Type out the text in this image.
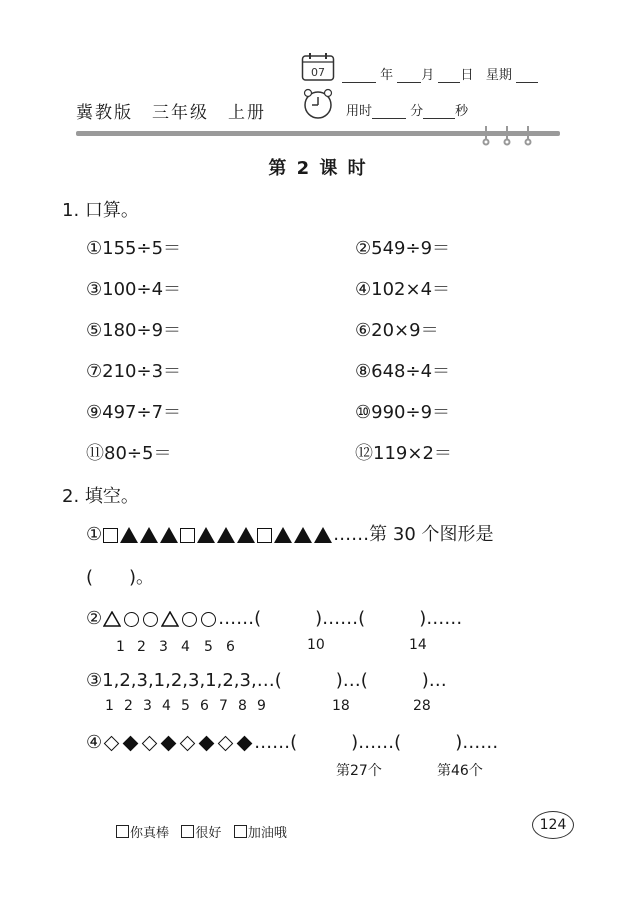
冀教版　三年级　上册
07	年 月 日 星期
用时	分 秒
第 2 课 时
1. 口算。
①155÷5＝	②549÷9＝
③100÷4＝	④102×4＝
⑤180÷9＝	⑥20×9＝
⑦210÷3＝	⑧648÷4＝
⑨497÷7＝	⑩990÷9＝
⑪80÷5＝	⑫119×2＝
2. 填空。
①	……第 30 个图形是
(　　)。
②	……(　　　)……(　　　)……
1 2 3 4 5 6	10	14
③1,2,3,1,2,3,1,2,3,…(　　　)…(　　　)…
1 2 3 4 5 6 7 8 9	18	28
④	……(　　　)……(　　　)……
第27个	第46个
你真棒 很好 加油哦
124
